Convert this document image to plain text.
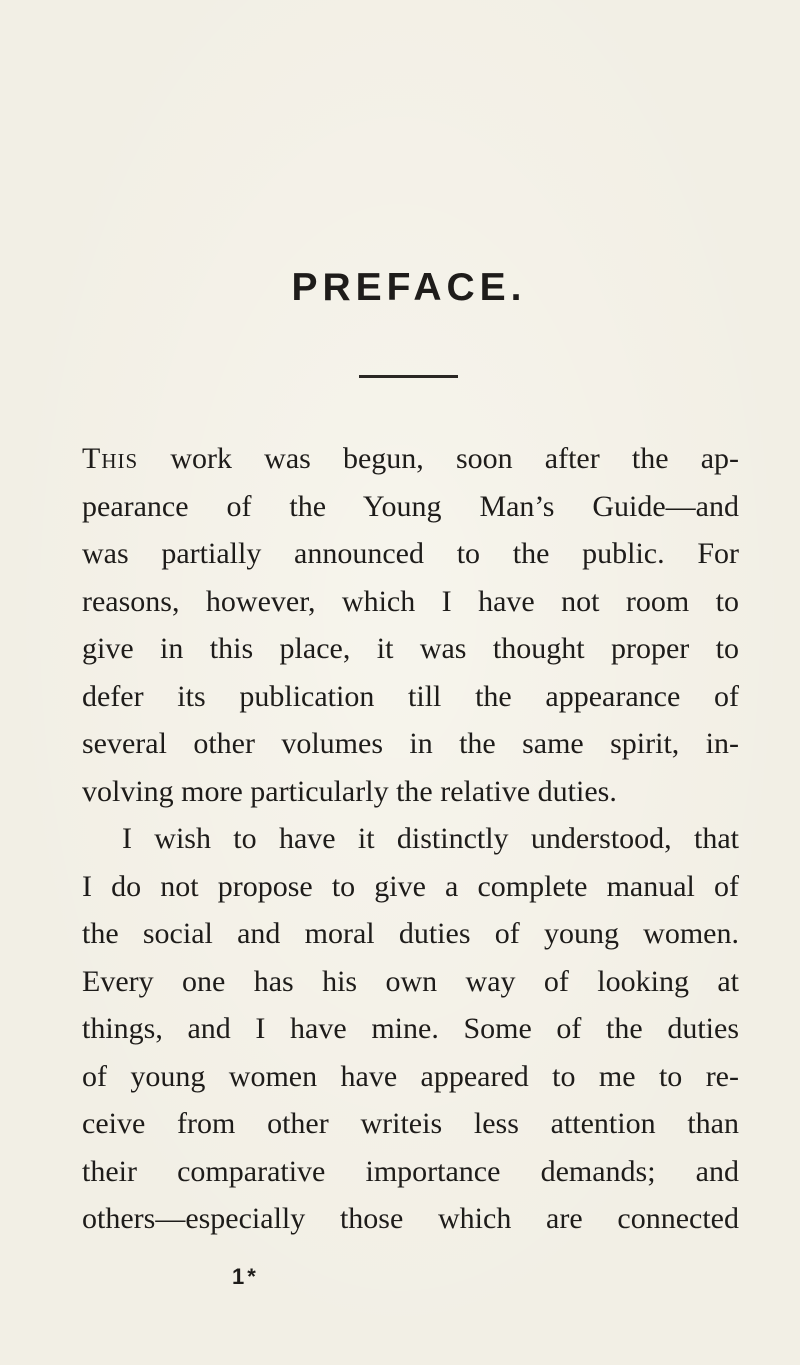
PREFACE.
This work was begun, soon after the ap-
pearance of the Young Man’s Guide—and
was partially announced to the public. For
reasons, however, which I have not room to
give in this place, it was thought proper to
defer its publication till the appearance of
several other volumes in the same spirit, in-
volving more particularly the relative duties.
I wish to have it distinctly understood, that
I do not propose to give a complete manual of
the social and moral duties of young women.
Every one has his own way of looking at
things, and I have mine. Some of the duties
of young women have appeared to me to re-
ceive from other writeis less attention than
their comparative importance demands; and
others—especially those which are connected
1*
